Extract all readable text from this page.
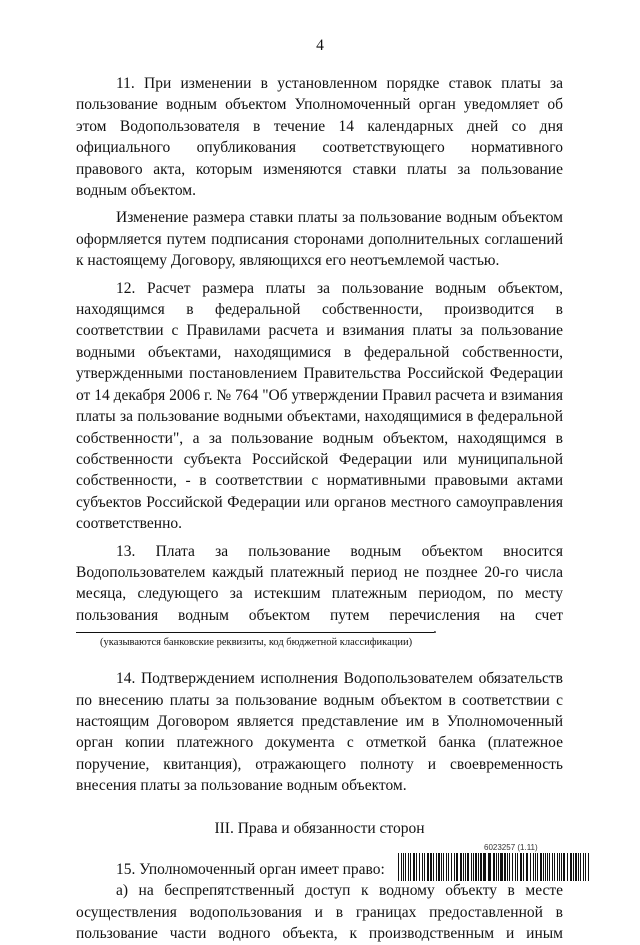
4

11. При изменении в установленном порядке ставок платы за пользование водным объектом Уполномоченный орган уведомляет об этом Водопользователя в течение 14 календарных дней со дня официального опубликования соответствующего нормативного правового акта, которым изменяются ставки платы за пользование водным объектом.

Изменение размера ставки платы за пользование водным объектом оформляется путем подписания сторонами дополнительных соглашений к настоящему Договору, являющихся его неотъемлемой частью.

12. Расчет размера платы за пользование водным объектом, находящимся в федеральной собственности, производится в соответствии с Правилами расчета и взимания платы за пользование водными объектами, находящимися в федеральной собственности, утвержденными постановлением Правительства Российской Федерации от 14 декабря 2006 г. № 764 "Об утверждении Правил расчета и взимания платы за пользование водными объектами, находящимися в федеральной собственности", а за пользование водным объектом, находящимся в собственности субъекта Российской Федерации или муниципальной собственности, - в соответствии с нормативными правовыми актами субъектов Российской Федерации или органов местного самоуправления соответственно.

13. Плата за пользование водным объектом вносится Водопользователем каждый платежный период не позднее 20-го числа месяца, следующего за истекшим платежным периодом, по месту пользования водным объектом путем перечисления на счет

.
(указываются банковские реквизиты, код бюджетной классификации)

14. Подтверждением исполнения Водопользователем обязательств по внесению платы за пользование водным объектом в соответствии с настоящим Договором является представление им в Уполномоченный орган копии платежного документа с отметкой банка (платежное поручение, квитанция), отражающего полноту и своевременность внесения платы за пользование водным объектом.

III. Права и обязанности сторон

15. Уполномоченный орган имеет право:

а) на беспрепятственный доступ к водному объекту в месте осуществления водопользования и в границах предоставленной в пользование части водного объекта, к производственным и иным

6023257 (1.11)
